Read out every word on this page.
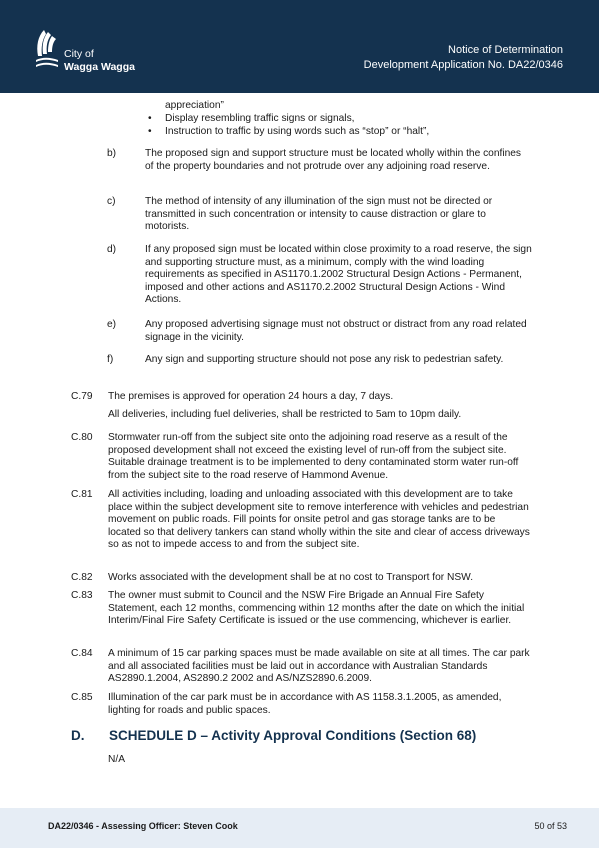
City of
Wagga Wagga
Notice of Determination
Development Application No. DA22/0346
appreciation”
• Display resembling traffic signs or signals,
• Instruction to traffic by using words such as “stop” or “halt”,
b)	The proposed sign and support structure must be located wholly within the confines of the property boundaries and not protrude over any adjoining road reserve.
c)	The method of intensity of any illumination of the sign must not be directed or transmitted in such concentration or intensity to cause distraction or glare to motorists.
d)	If any proposed sign must be located within close proximity to a road reserve, the sign and supporting structure must, as a minimum, comply with the wind loading requirements as specified in AS1170.1.2002 Structural Design Actions - Permanent, imposed and other actions and AS1170.2.2002 Structural Design Actions - Wind Actions.
e)	Any proposed advertising signage must not obstruct or distract from any road related signage in the vicinity.
f)	Any sign and supporting structure should not pose any risk to pedestrian safety.
C.79 The premises is approved for operation 24 hours a day, 7 days.
All deliveries, including fuel deliveries, shall be restricted to 5am to 10pm daily.
C.80 Stormwater run-off from the subject site onto the adjoining road reserve as a result of the proposed development shall not exceed the existing level of run-off from the subject site. Suitable drainage treatment is to be implemented to deny contaminated storm water run-off from the subject site to the road reserve of Hammond Avenue.
C.81 All activities including, loading and unloading associated with this development are to take place within the subject development site to remove interference with vehicles and pedestrian movement on public roads. Fill points for onsite petrol and gas storage tanks are to be located so that delivery tankers can stand wholly within the site and clear of access driveways so as not to impede access to and from the subject site.
C.82 Works associated with the development shall be at no cost to Transport for NSW.
C.83 The owner must submit to Council and the NSW Fire Brigade an Annual Fire Safety Statement, each 12 months, commencing within 12 months after the date on which the initial Interim/Final Fire Safety Certificate is issued or the use commencing, whichever is earlier.
C.84 A minimum of 15 car parking spaces must be made available on site at all times. The car park and all associated facilities must be laid out in accordance with Australian Standards AS2890.1.2004, AS2890.2 2002 and AS/NZS2890.6.2009.
C.85 Illumination of the car park must be in accordance with AS 1158.3.1.2005, as amended, lighting for roads and public spaces.
D. SCHEDULE D – Activity Approval Conditions (Section 68)
N/A
DA22/0346 - Assessing Officer: Steven Cook	50 of 53
